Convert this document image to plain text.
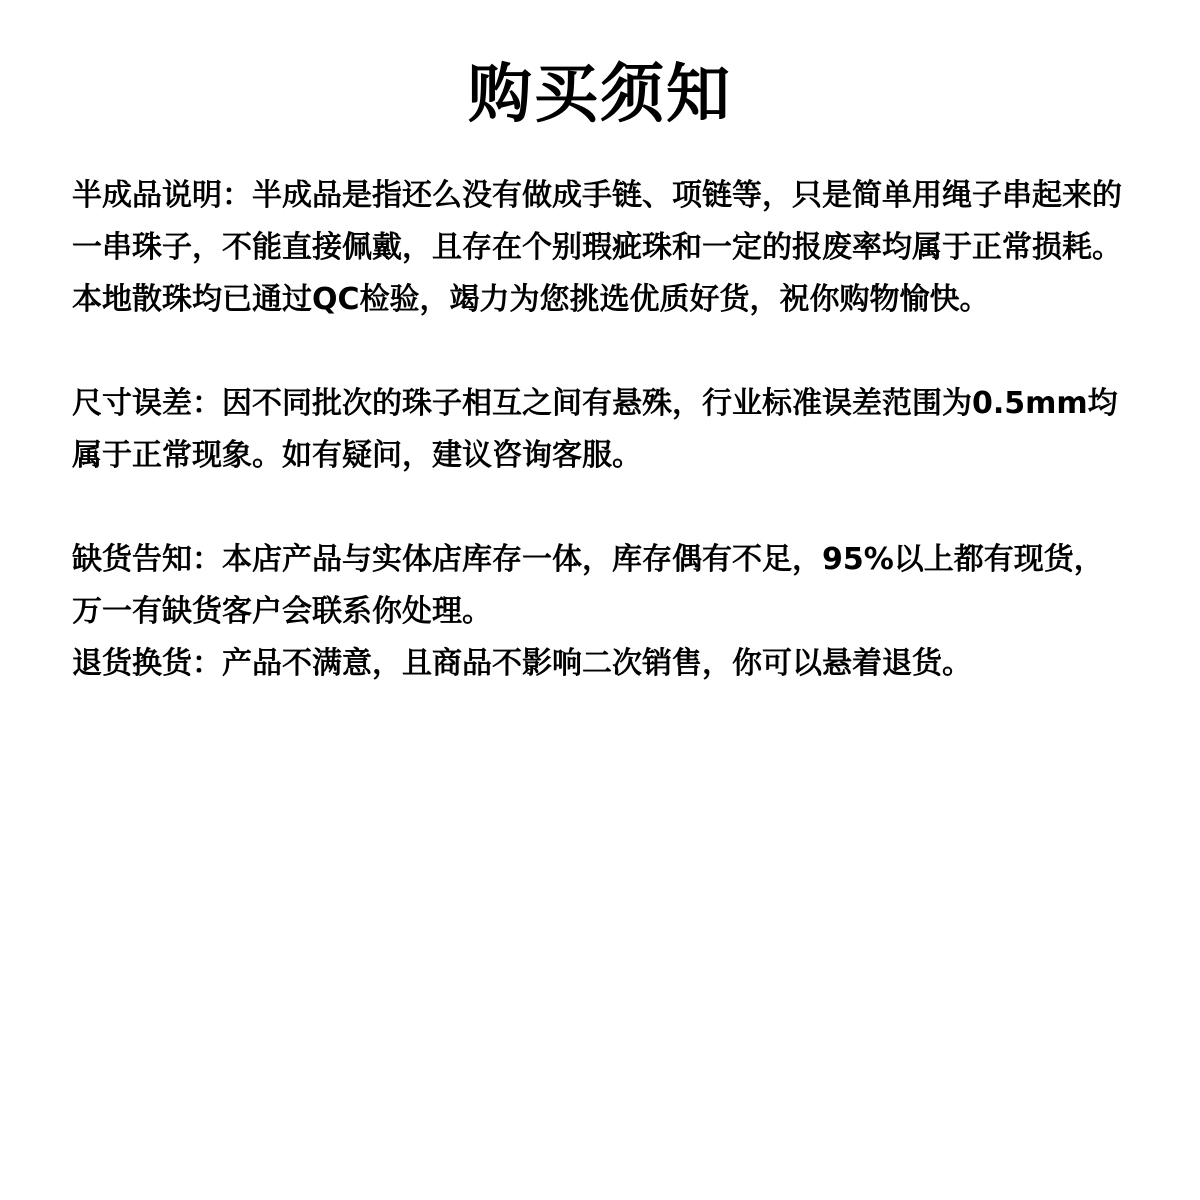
购买须知

半成品说明：半成品是指还么没有做成手链、项链等，只是简单用绳子串起来的一串珠子，不能直接佩戴，且存在个别瑕疵珠和一定的报废率均属于正常损耗。本地散珠均已通过QC检验，竭力为您挑选优质好货，祝你购物愉快。

尺寸误差：因不同批次的珠子相互之间有悬殊，行业标准误差范围为0.5mm均属于正常现象。如有疑问，建议咨询客服。

缺货告知：本店产品与实体店库存一体，库存偶有不足，95%以上都有现货，万一有缺货客户会联系你处理。

退货换货：产品不满意，且商品不影响二次销售，你可以悬着退货。
